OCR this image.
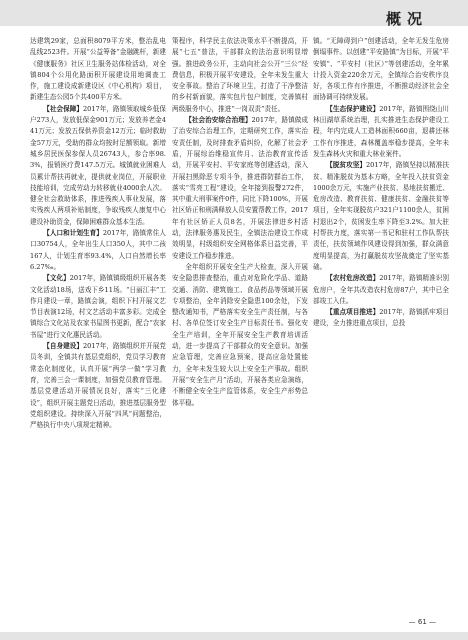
概况

达建筑29家，总面积8079平方米，整治乱电乱线2523件。开展“公益筹备”金融跳杆，新建《健康服务》社区卫生服务站体检活动，对全镇804个公用化路面积开展建设用地调查工作，施工建设成新建设区《中心机构》项目，新建生态公园5个共400平方米。

【社会保障】2017年，路镇领取城乡低保户273人，发放低保金901万元；发放养老金441万元；发放五保供养资金12万元；临时救助金57万元，受助的群众均按时足额领取。新增城乡居民医保参保人员26743人，参合率98.3%，报销医疗费147.5万元。城镇就业困难人员累计帮扶再就业，提供就业岗位，开展职业技能培训，完成劳动力转移就业4000余人次。健全社会救助体系，推进残疾人事业发展，落实残疾人两项补贴制度，争取残疾人康复中心建设补助资金，保障困难群众基本生活。

【人口和计划生育】2017年，路镇常住人口30754人，全年出生人口350人，其中二孩167人，计划生育率93.4%，人口自然增长率6.27‰。

【文化】2017年，路镇镇级组织开展各类文化活动18场，送戏下乡11场。“日丽江丰”工作月建设一章，路镇会演，组织下村开展文艺节目表演12场，村文艺活动丰富多彩。完成全镇综合文化站及农家书屋图书更新，配合“农家书屋”进行文化惠民活动。

【自身建设】2017年，路镇组织并开展党员冬训，全镇共有基层党组织，党员学习教育常态化制度化，认真开展“两学一做”学习教育，完善三会一课制度，加强党员教育管理。基层党建活动开展情况良好，落实“三化建设”，组织开展主题党日活动，推进基层服务型党组织建设。持续深入开展“四风”问题整治，严格执行中央八项规定精神。

策程序，科学民主依法决策水平不断提高，开展“七五”普法，干部群众的法治意识明显增强。推进政务公开，主动向社会公开“三公”经费信息，积极开展平安建设，全年未发生重大安全事故。整治了环境卫生，打造了干净整洁的乡村新面貌，落实包片包户制度，完善镇村两级服务中心，推进“一岗双责”责任。

【社会治安综合治理】2017年，路镇做成了治安综合治理工作，定期研究工作，落实治安责任制，及时排查矛盾纠纷，化解了社会矛盾，开展综治维稳宣传月、法治教育宣传活动，开展平安村、平安家庭等创建活动，深入开展扫黑除恶专项斗争，推进群防群治工作，落实“雪亮工程”建设，全年接到报警272件，其中重大刑事案件0件，同比下降100%，开展社区矫正和刑满释放人员安置帮教工作，2017年有社区矫正人员8名，开展法律进乡村活动，法律服务惠及民生，全镇法治建设工作成效明显，村级组织安全网格体系日益完善，平安建设工作稳步推进。

全年组织开展安全生产大检查，深入开展安全隐患排查整治，重点对危险化学品、道路交通、消防、建筑施工、食品药品等领域开展专项整治，全年消除安全隐患100余处，下发整改通知书，严格落实安全生产责任制，与各村、各单位签订安全生产目标责任书。强化安全生产培训，全年开展安全生产教育培训活动，进一步提高了干部群众的安全意识。加强应急管理，完善应急预案，提高应急处置能力，全年未发生较大以上安全生产事故。组织开展“安全生产月”活动，开展各类应急演练，不断健全安全生产监管体系，安全生产形势总体平稳。

镇。“无障碍到户”创建活动，全年无发生危房倒塌事件。以创建“平安路镇”为目标，开展“平安镇”、“平安村（社区）”等创建活动，全年累计投入资金220余万元，全镇综合治安秩序良好，各项工作有序推进，不断推动经济社会全面协调可持续发展。

【生态保护建设】2017年，路镇围绕山川林田湖草系统治理，扎实推进生态保护建设工程，年内完成人工造林面积660亩，退耕还林工作有序推进，森林覆盖率稳步提高，全年未发生森林火灾和重大林业案件。

【脱贫攻坚】2017年，路镇坚持以精准扶贫、精准脱贫为基本方略，全年投入扶贫资金1000余万元，实施产业扶贫、易地扶贫搬迁、危房改造、教育扶贫、健康扶贫、金融扶贫等项目，全年实现脱贫户321户1100余人，贫困村退出2个，贫困发生率下降至3.2%。加大驻村帮扶力度，落实第一书记和驻村工作队帮扶责任，扶贫领域作风建设得到加强，群众满意度明显提高，为打赢脱贫攻坚战奠定了坚实基础。

【农村危房改造】2017年，路镇精准识别危房户，全年共改造农村危房87户，其中已全部竣工入住。

【重点项目推进】2017年，路镇抓牢项目建设，全力推进重点项目，总投

— 61 —
